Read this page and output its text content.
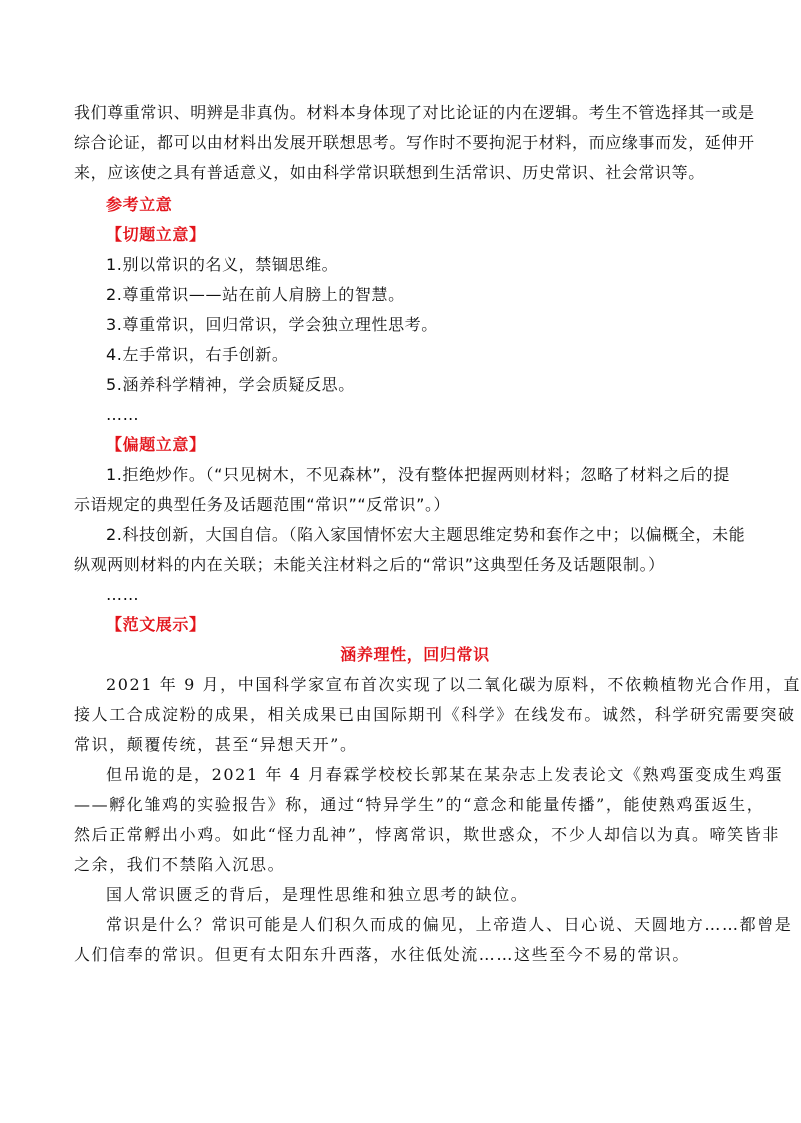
我们尊重常识、明辨是非真伪。材料本身体现了对比论证的内在逻辑。考生不管选择其一或是
综合论证，都可以由材料出发展开联想思考。写作时不要拘泥于材料，而应缘事而发，延伸开
来，应该使之具有普适意义，如由科学常识联想到生活常识、历史常识、社会常识等。
参考立意
【切题立意】
1.别以常识的名义，禁锢思维。
2.尊重常识——站在前人肩膀上的智慧。
3.尊重常识，回归常识，学会独立理性思考。
4.左手常识，右手创新。
5.涵养科学精神，学会质疑反思。
……
【偏题立意】
1.拒绝炒作。（“只见树木，不见森林”，没有整体把握两则材料；忽略了材料之后的提
示语规定的典型任务及话题范围“常识”“反常识”。）
2.科技创新，大国自信。（陷入家国情怀宏大主题思维定势和套作之中；以偏概全，未能
纵观两则材料的内在关联；未能关注材料之后的“常识”这典型任务及话题限制。）
……
【范文展示】
涵养理性，回归常识
2021 年 9 月，中国科学家宣布首次实现了以二氧化碳为原料，不依赖植物光合作用，直
接人工合成淀粉的成果，相关成果已由国际期刊《科学》在线发布。诚然，科学研究需要突破
常识，颠覆传统，甚至“异想天开”。
但吊诡的是，2021 年 4 月春霖学校校长郭某在某杂志上发表论文《熟鸡蛋变成生鸡蛋
——孵化雏鸡的实验报告》称，通过“特异学生”的“意念和能量传播”，能使熟鸡蛋返生，
然后正常孵出小鸡。如此“怪力乱神”，悖离常识，欺世惑众，不少人却信以为真。啼笑皆非
之余，我们不禁陷入沉思。
国人常识匮乏的背后，是理性思维和独立思考的缺位。
常识是什么？常识可能是人们积久而成的偏见，上帝造人、日心说、天圆地方……都曾是
人们信奉的常识。但更有太阳东升西落，水往低处流……这些至今不易的常识。
